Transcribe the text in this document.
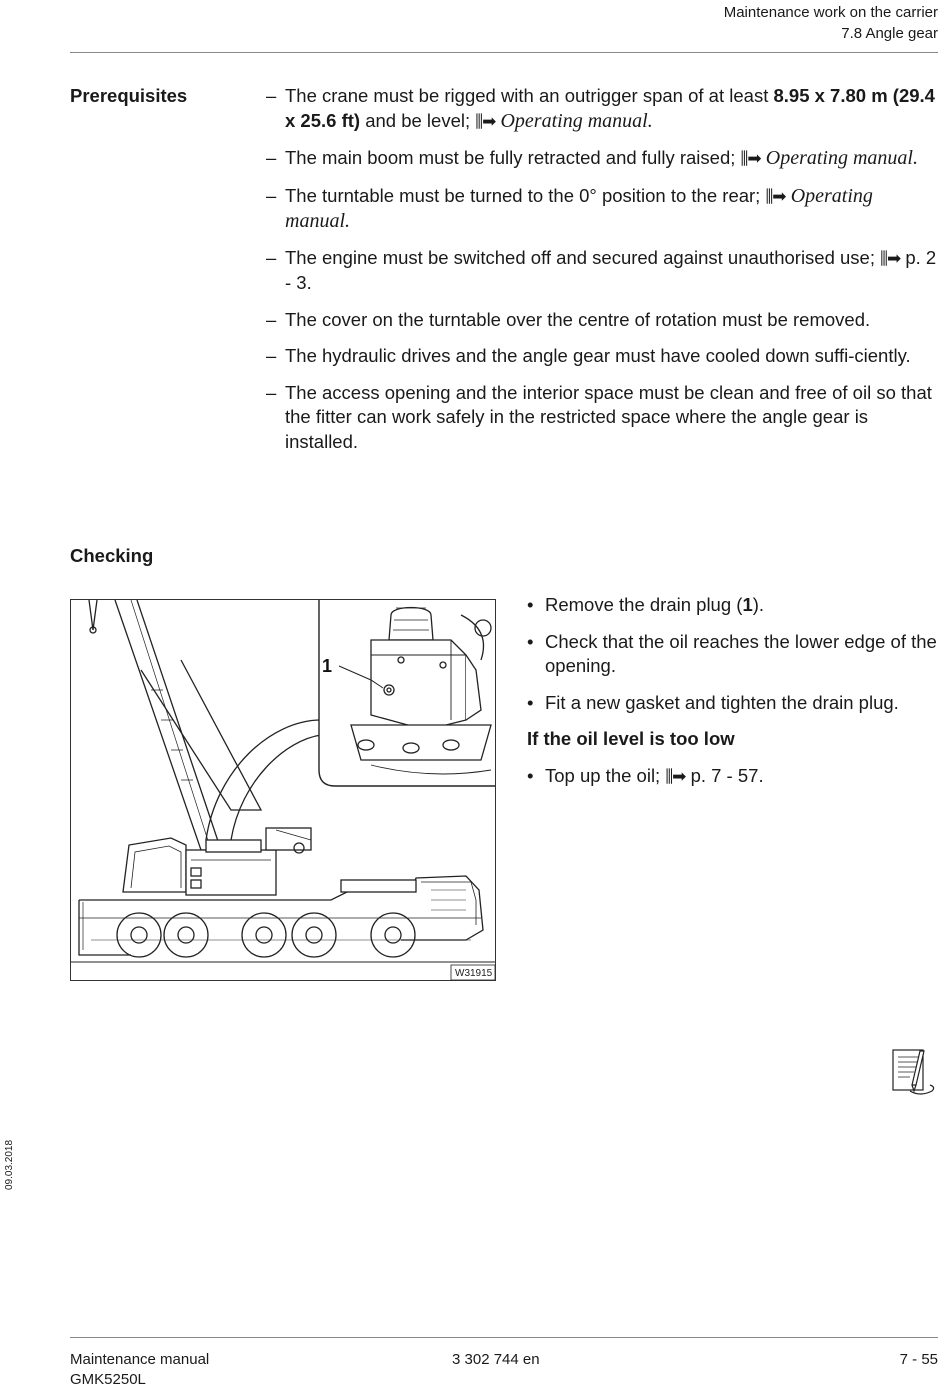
Maintenance work on the carrier
7.8 Angle gear
Prerequisites	– The crane must be rigged with an outrigger span of at least 8.95 x 7.80 m (29.4 x 25.6 ft) and be level; ⫼➡ Operating manual.
– The main boom must be fully retracted and fully raised; ⫼➡ Operating manual.
– The turntable must be turned to the 0° position to the rear; ⫼➡ Operating manual.
– The engine must be switched off and secured against unauthorised use; ⫼➡ p. 2 - 3.
– The cover on the turntable over the centre of rotation must be removed.
– The hydraulic drives and the angle gear must have cooled down suffi-ciently.
– The access opening and the interior space must be clean and free of oil so that the fitter can work safely in the restricted space where the angle gear is installed.
Checking
1
W31915
• Remove the drain plug (1).
• Check that the oil reaches the lower edge of the opening.
• Fit a new gasket and tighten the drain plug.
If the oil level is too low
• Top up the oil; ⫼➡ p. 7 - 57.
09.03.2018
Maintenance manual
GMK5250L
3 302 744 en	7 - 55
